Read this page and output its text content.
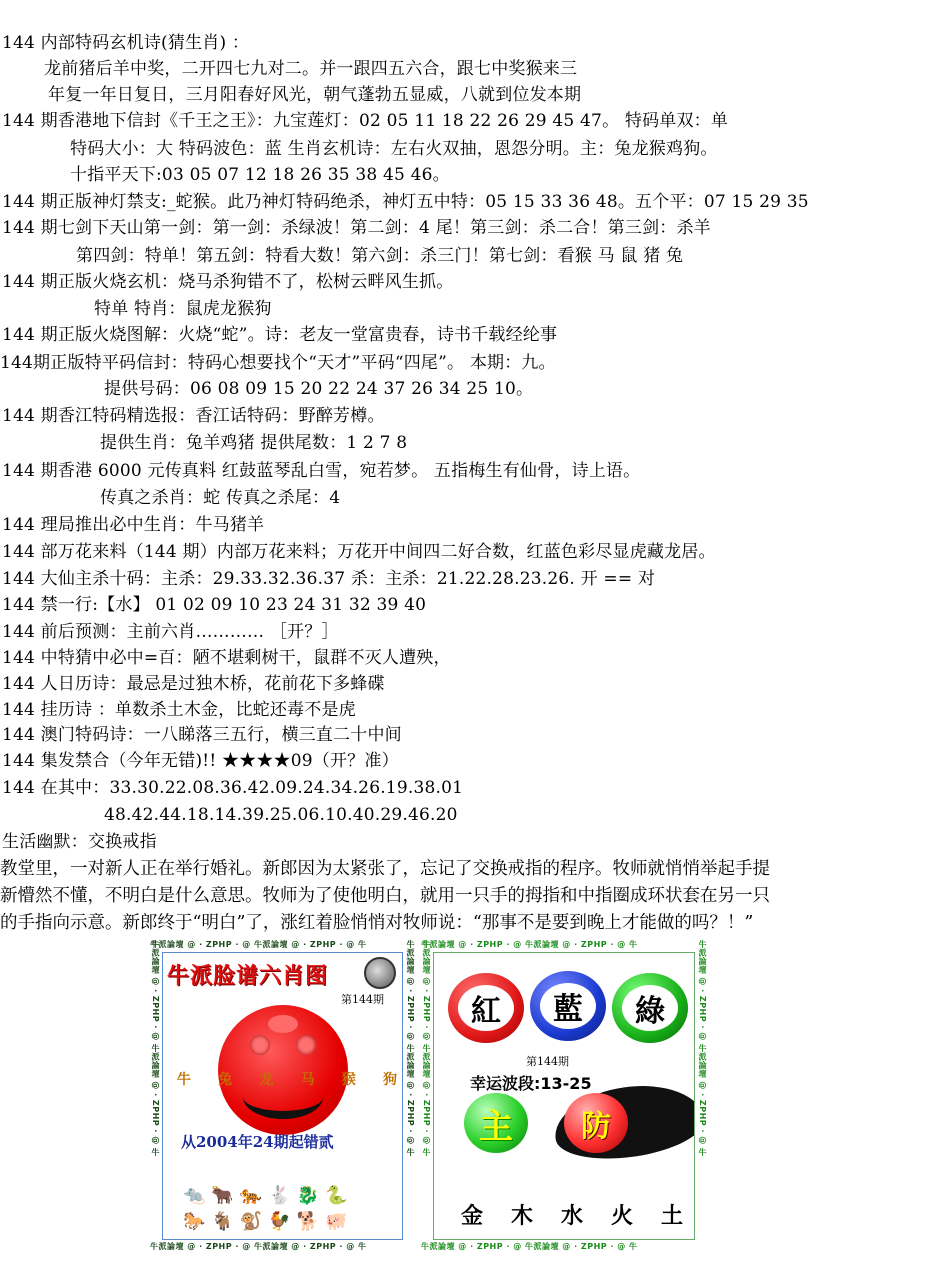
144 内部特码玄机诗(猜生肖) ：
龙前猪后羊中奖，二开四七九对二。并一跟四五六合，跟七中奖猴来三
年复一年日复日，三月阳春好风光，朝气蓬勃五显威，八就到位发本期
144 期香港地下信封《千王之王》：九宝莲灯：02 05 11 18 22 26 29 45 47。 特码单双：单
特码大小：大 特码波色：蓝 生肖玄机诗：左右火双抽，恩怨分明。主：兔龙猴鸡狗。
十指平天下:03 05 07 12 18 26 35 38 45 46。
144 期正版神灯禁支:_蛇猴。此乃神灯特码绝杀，神灯五中特：05 15 33 36 48。五个平：07 15 29 35
144 期七剑下天山第一剑：第一剑：杀绿波！第二剑：4 尾！第三剑：杀二合！第三剑：杀羊
第四剑：特单！第五剑：特看大数！第六剑：杀三门！第七剑：看猴 马 鼠 猪 兔
144 期正版火烧玄机：烧马杀狗错不了，松树云畔风生抓。
特单 特肖：鼠虎龙猴狗
144 期正版火烧图解：火烧“蛇”。诗：老友一堂富贵春，诗书千载经纶事
144期正版特平码信封：特码心想要找个“天才”平码“四尾”。 本期：九。
提供号码：06 08 09 15 20 22 24 37 26 34 25 10。
144 期香江特码精选报：香江话特码：野醉芳樽。
提供生肖：兔羊鸡猪 提供尾数：1 2 7 8
144 期香港 6000 元传真料 红鼓蓝琴乱白雪，宛若梦。 五指梅生有仙骨，诗上语。
传真之杀肖：蛇 传真之杀尾：4
144 理局推出必中生肖：牛马猪羊
144 部万花来料（144 期）内部万花来料；万花开中间四二好合数，红蓝色彩尽显虎藏龙居。
144 大仙主杀十码：主杀：29.33.32.36.37 杀：主杀：21.22.28.23.26. 开 == 对
144 禁一行:【水】 01 02 09 10 23 24 31 32 39 40
144 前后预测：主前六肖………… ［开？］
144 中特猜中必中=百：陋不堪剩树干，鼠群不灭人遭殃，
144 人日历诗：最忌是过独木桥，花前花下多蜂碟
144 挂历诗 ：单数杀土木金，比蛇还毒不是虎
144 澳门特码诗：一八睇落三五行，横三直二十中间
144 集发禁合（今年无错)!! ★★★★09（开？准）
144 在其中：33.30.22.08.36.42.09.24.34.26.19.38.01
48.42.44.18.14.39.25.06.10.40.29.46.20
生活幽默：交换戒指
教堂里，一对新人正在举行婚礼。新郎因为太紧张了，忘记了交换戒指的程序。牧师就悄悄举起手提
新懵然不懂，不明白是什么意思。牧师为了使他明白，就用一只手的拇指和中指圈成环状套在另一只
的手指向示意。新郎终于“明白”了，涨红着脸悄悄对牧师说：“那事不是要到晚上才能做的吗？！”
牛派論壇 @ · ZPHP · @ 牛派論壇 @ · ZPHP · @ 牛
牛派論壇 @ · ZPHP · @ 牛派論壇 @ · ZPHP · @ 牛
牛派論壇 @ · ZPHP · @ 牛派論壇 @ · ZPHP · @ 牛	牛派論壇 @ · ZPHP · @ 牛派論壇 @ · ZPHP · @ 牛
牛派脸谱六肖图
第144期
牛 兔 龙 马 猴 狗
从2004年24期起错贰
🐀🐂🐅🐇🐉🐍 🐎🐐🐒🐓🐕🐖
牛派論壇 @ · ZPHP · @ 牛派論壇 @ · ZPHP · @ 牛
牛派論壇 @ · ZPHP · @ 牛派論壇 @ · ZPHP · @ 牛
牛派論壇 @ · ZPHP · @ 牛派論壇 @ · ZPHP · @ 牛	牛派論壇 @ · ZPHP · @ 牛派論壇 @ · ZPHP · @ 牛
紅	藍	綠
第144期
幸运波段:13-25
主	防
金	木	水	火	土
